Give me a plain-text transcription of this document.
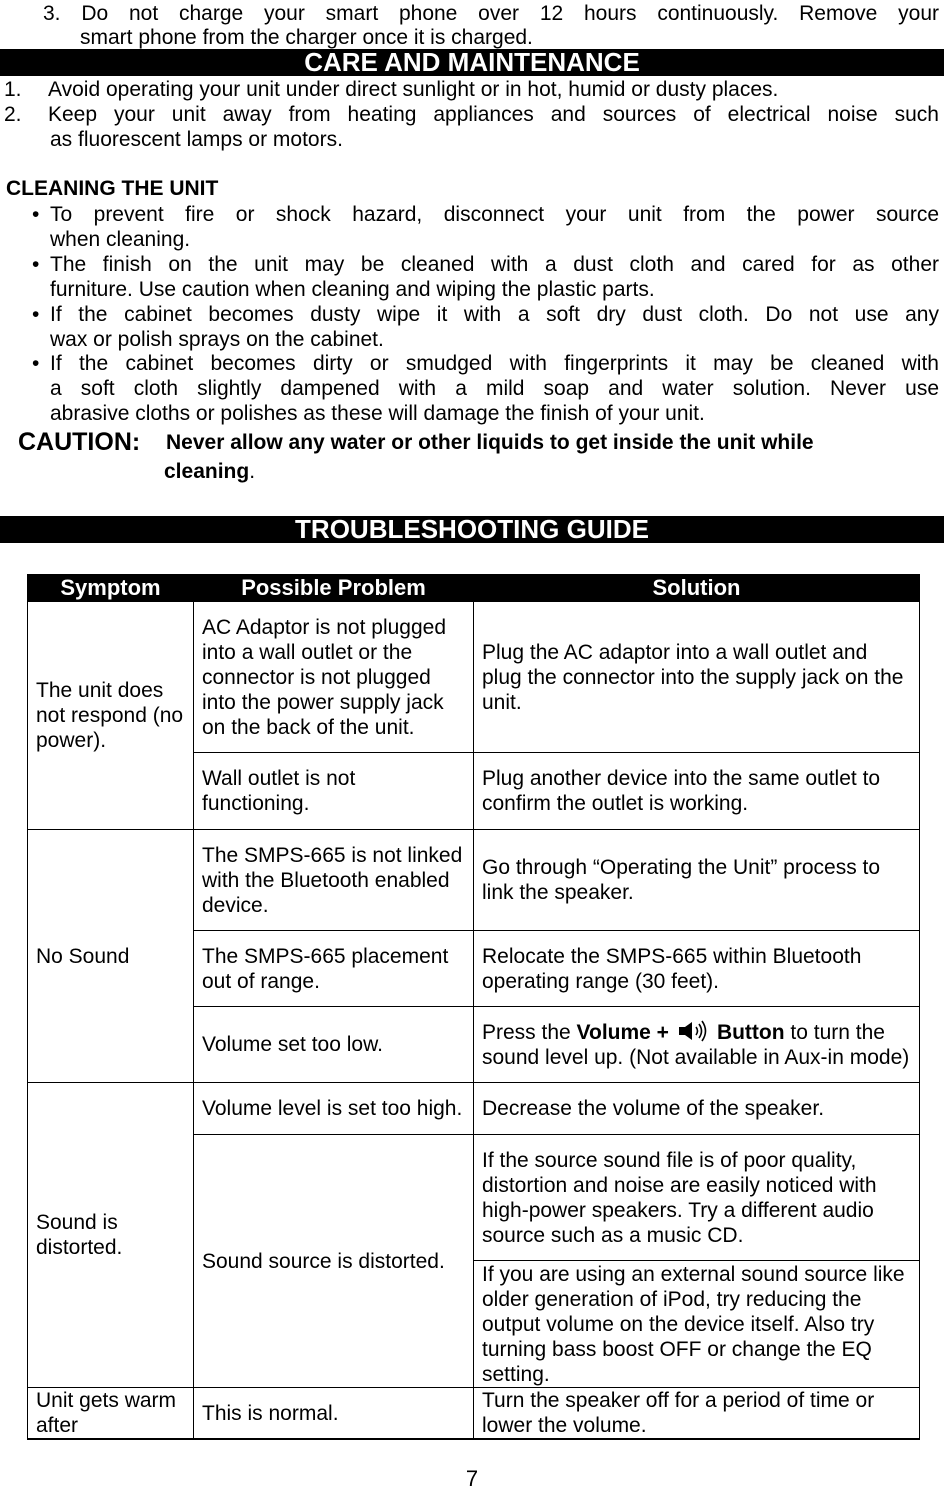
3. Do not charge your smart phone over 12 hours continuously. Remove your
smart phone from the charger once it is charged.
CARE AND MAINTENANCE
1. Avoid operating your unit under direct sunlight or in hot, humid or dusty places.
2. Keep your unit away from heating appliances and sources of electrical noise such
as fluorescent lamps or motors.
CLEANING THE UNIT
• To prevent fire or shock hazard, disconnect your unit from the power source
when cleaning.
• The finish on the unit may be cleaned with a dust cloth and cared for as other
furniture. Use caution when cleaning and wiping the plastic parts.
• If the cabinet becomes dusty wipe it with a soft dry dust cloth. Do not use any
wax or polish sprays on the cabinet.
• If the cabinet becomes dirty or smudged with fingerprints it may be cleaned with
a soft cloth slightly dampened with a mild soap and water solution. Never use
abrasive cloths or polishes as these will damage the finish of your unit.
CAUTION: Never allow any water or other liquids to get inside the unit while
cleaning.
TROUBLESHOOTING GUIDE
Symptom	Possible Problem	Solution
The unit does not respond (no power).	AC Adaptor is not plugged into a wall outlet or the connector is not plugged into the power supply jack on the back of the unit.	Plug the AC adaptor into a wall outlet and plug the connector into the supply jack on the unit.
	Wall outlet is not functioning.	Plug another device into the same outlet to confirm the outlet is working.
No Sound	The SMPS-665 is not linked with the Bluetooth enabled device.	Go through “Operating the Unit” process to link the speaker.
	The SMPS-665 placement out of range.	Relocate the SMPS-665 within Bluetooth operating range (30 feet).
	Volume set too low.	Press the Volume + Button to turn the sound level up. (Not available in Aux-in mode)
Sound is distorted.	Volume level is set too high.	Decrease the volume of the speaker.
	Sound source is distorted.	If the source sound file is of poor quality, distortion and noise are easily noticed with high-power speakers. Try a different audio source such as a music CD.
		If you are using an external sound source like older generation of iPod, try reducing the output volume on the device itself. Also try turning bass boost OFF or change the EQ setting.
Unit gets warm after	This is normal.	Turn the speaker off for a period of time or lower the volume.
7
